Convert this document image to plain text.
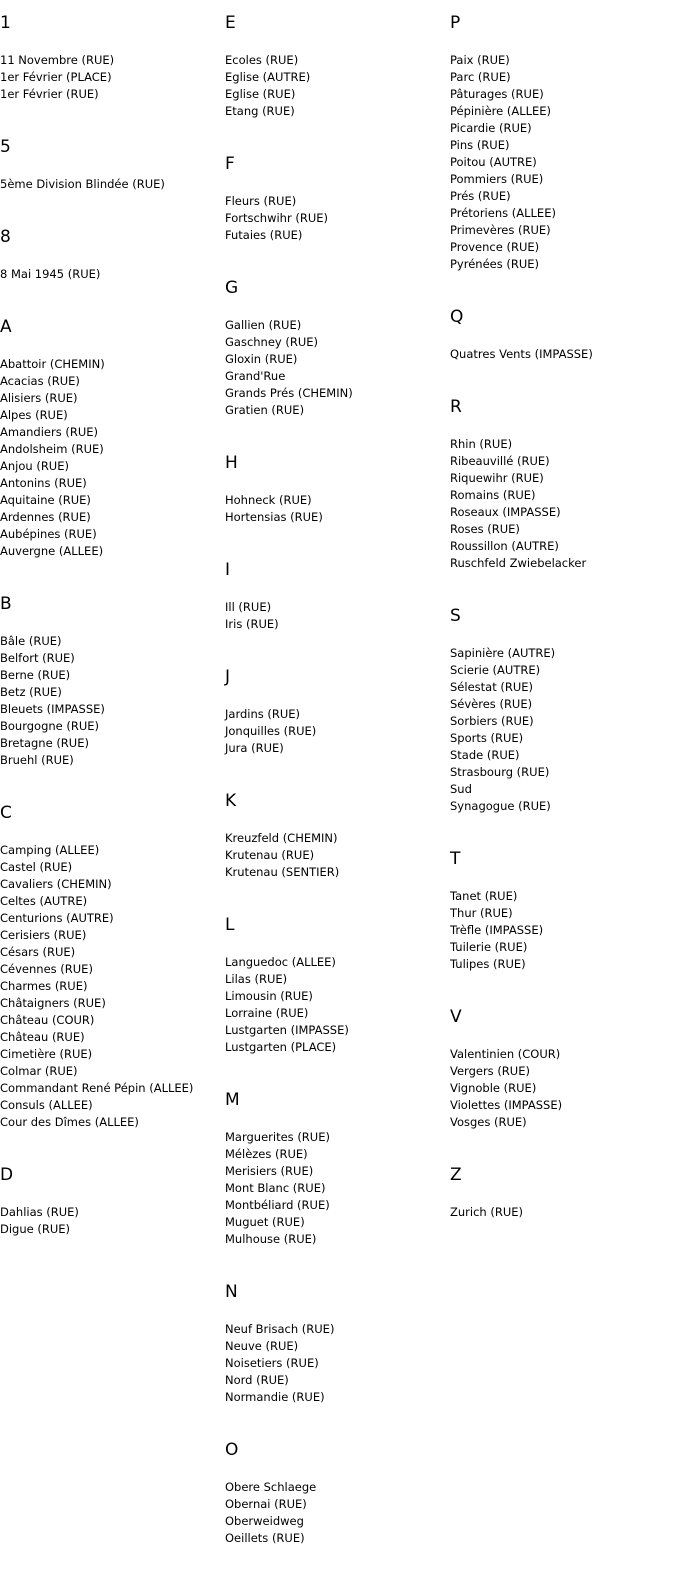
1
11 Novembre (RUE)
1er Février (PLACE)
1er Février (RUE)
5
5ème Division Blindée (RUE)
8
8 Mai 1945 (RUE)
A
Abattoir (CHEMIN)
Acacias (RUE)
Alisiers (RUE)
Alpes (RUE)
Amandiers (RUE)
Andolsheim (RUE)
Anjou (RUE)
Antonins (RUE)
Aquitaine (RUE)
Ardennes (RUE)
Aubépines (RUE)
Auvergne (ALLEE)
B
Bâle (RUE)
Belfort (RUE)
Berne (RUE)
Betz (RUE)
Bleuets (IMPASSE)
Bourgogne (RUE)
Bretagne (RUE)
Bruehl (RUE)
C
Camping (ALLEE)
Castel (RUE)
Cavaliers (CHEMIN)
Celtes (AUTRE)
Centurions (AUTRE)
Cerisiers (RUE)
Césars (RUE)
Cévennes (RUE)
Charmes (RUE)
Châtaigners (RUE)
Château (COUR)
Château (RUE)
Cimetière (RUE)
Colmar (RUE)
Commandant René Pépin (ALLEE)
Consuls (ALLEE)
Cour des Dîmes (ALLEE)
D
Dahlias (RUE)
Digue (RUE)
E
Ecoles (RUE)
Eglise (AUTRE)
Eglise (RUE)
Etang (RUE)
F
Fleurs (RUE)
Fortschwihr (RUE)
Futaies (RUE)
G
Gallien (RUE)
Gaschney (RUE)
Gloxin (RUE)
Grand'Rue
Grands Prés (CHEMIN)
Gratien (RUE)
H
Hohneck (RUE)
Hortensias (RUE)
I
Ill (RUE)
Iris (RUE)
J
Jardins (RUE)
Jonquilles (RUE)
Jura (RUE)
K
Kreuzfeld (CHEMIN)
Krutenau (RUE)
Krutenau (SENTIER)
L
Languedoc (ALLEE)
Lilas (RUE)
Limousin (RUE)
Lorraine (RUE)
Lustgarten (IMPASSE)
Lustgarten (PLACE)
M
Marguerites (RUE)
Mélèzes (RUE)
Merisiers (RUE)
Mont Blanc (RUE)
Montbéliard (RUE)
Muguet (RUE)
Mulhouse (RUE)
N
Neuf Brisach (RUE)
Neuve (RUE)
Noisetiers (RUE)
Nord (RUE)
Normandie (RUE)
O
Obere Schlaege
Obernai (RUE)
Oberweidweg
Oeillets (RUE)
P
Paix (RUE)
Parc (RUE)
Pâturages (RUE)
Pépinière (ALLEE)
Picardie (RUE)
Pins (RUE)
Poitou (AUTRE)
Pommiers (RUE)
Prés (RUE)
Prétoriens (ALLEE)
Primevères (RUE)
Provence (RUE)
Pyrénées (RUE)
Q
Quatres Vents (IMPASSE)
R
Rhin (RUE)
Ribeauvillé (RUE)
Riquewihr (RUE)
Romains (RUE)
Roseaux (IMPASSE)
Roses (RUE)
Roussillon (AUTRE)
Ruschfeld Zwiebelacker
S
Sapinière (AUTRE)
Scierie (AUTRE)
Sélestat (RUE)
Sévères (RUE)
Sorbiers (RUE)
Sports (RUE)
Stade (RUE)
Strasbourg (RUE)
Sud
Synagogue (RUE)
T
Tanet (RUE)
Thur (RUE)
Trèfle (IMPASSE)
Tuilerie (RUE)
Tulipes (RUE)
V
Valentinien (COUR)
Vergers (RUE)
Vignoble (RUE)
Violettes (IMPASSE)
Vosges (RUE)
Z
Zurich (RUE)
